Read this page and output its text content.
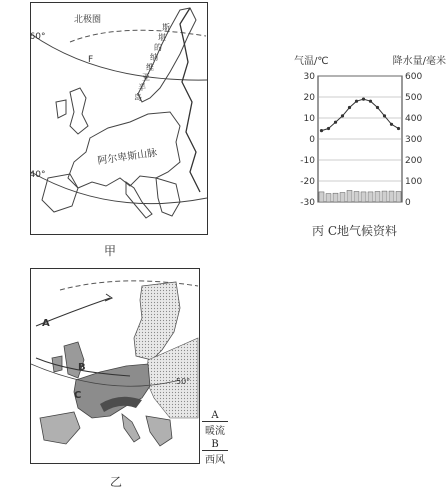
60°
40°
北极圈
F
阿尔卑斯山脉
斯
堪
的
纳
维
亚
半
岛
甲
气温/℃	降水量/毫米
30	600
20	500
10	400
0	300
-10	200
-20	100
-30	0
丙 C地气候资料
A
B
C
50°
乙
A
暖流
B
西风
